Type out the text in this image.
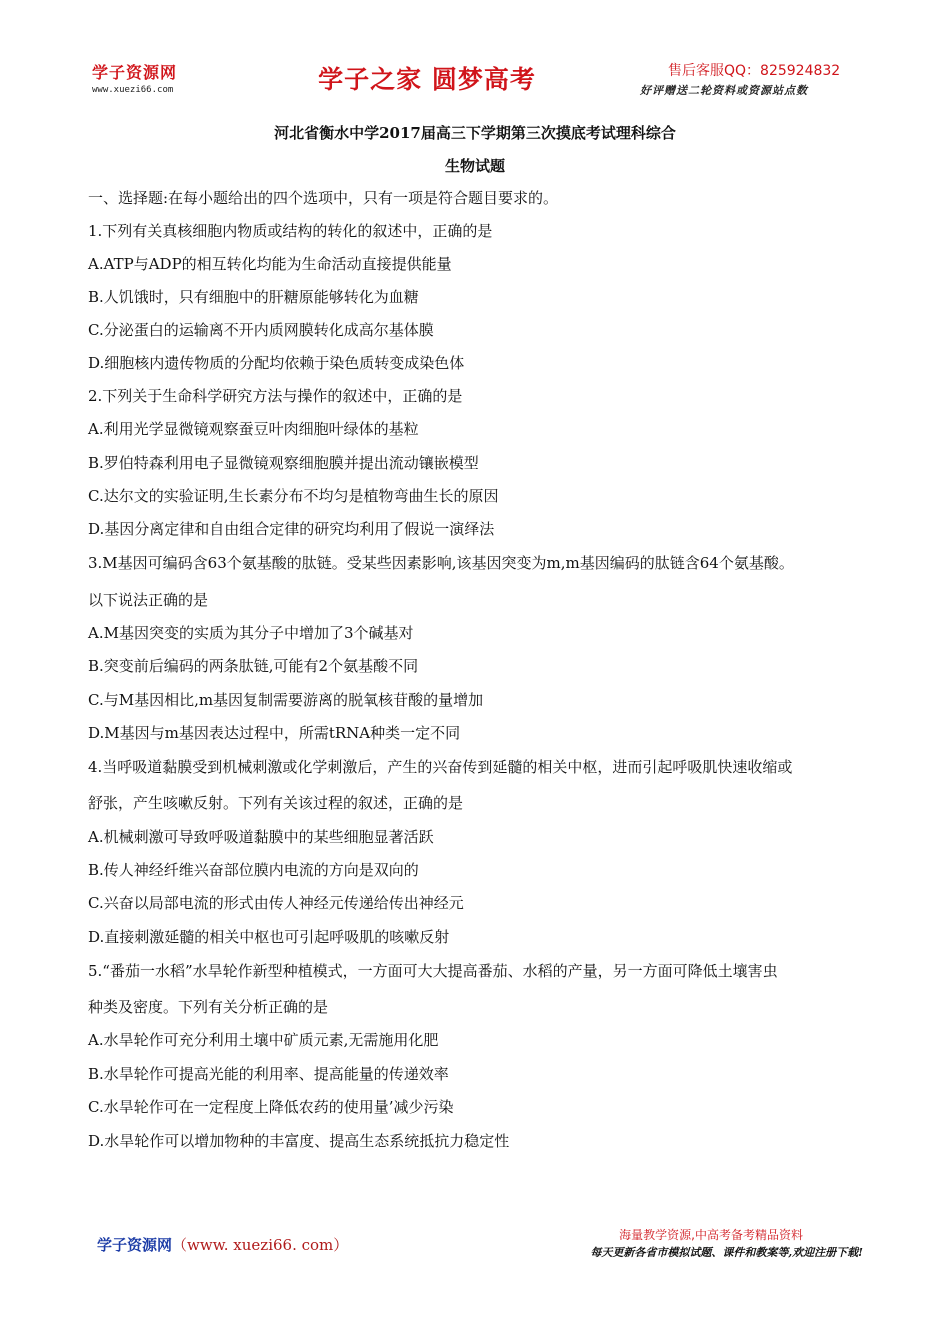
学子资源网
www.xuezi66.com	学子之家 圆梦高考	售后客服QQ：825924832
好评赠送二轮资料或资源站点数
河北省衡水中学2017届高三下学期第三次摸底考试理科综合
生物试题
一、选择题:在每小题给出的四个选项中，只有一项是符合题目要求的。
1.下列有关真核细胞内物质或结构的转化的叙述中，正确的是
A.ATP与ADP的相互转化均能为生命活动直接提供能量
B.人饥饿时，只有细胞中的肝糖原能够转化为血糖
C.分泌蛋白的运输离不开内质网膜转化成高尔基体膜
D.细胞核内遗传物质的分配均依赖于染色质转变成染色体
2.下列关于生命科学研究方法与操作的叙述中，正确的是
A.利用光学显微镜观察蚕豆叶肉细胞叶绿体的基粒
B.罗伯特森利用电子显微镜观察细胞膜并提出流动镶嵌模型
C.达尔文的实验证明,生长素分布不均匀是植物弯曲生长的原因
D.基因分离定律和自由组合定律的研究均利用了假说一演绎法
3.M基因可编码含63个氨基酸的肽链。受某些因素影响,该基因突变为m,m基因编码的肽链含64个氨基酸。
以下说法正确的是
A.M基因突变的实质为其分子中增加了3个碱基对
B.突变前后编码的两条肽链,可能有2个氨基酸不同
C.与M基因相比,m基因复制需要游离的脱氧核苷酸的量增加
D.M基因与m基因表达过程中，所需tRNA种类一定不同
4.当呼吸道黏膜受到机械刺激或化学刺激后，产生的兴奋传到延髓的相关中枢，进而引起呼吸肌快速收缩或
舒张，产生咳嗽反射。下列有关该过程的叙述，正确的是
A.机械刺激可导致呼吸道黏膜中的某些细胞显著活跃
B.传人神经纤维兴奋部位膜内电流的方向是双向的
C.兴奋以局部电流的形式由传人神经元传递给传出神经元
D.直接刺激延髓的相关中枢也可引起呼吸肌的咳嗽反射
5.“番茄一水稻”水旱轮作新型种植模式，一方面可大大提高番茄、水稻的产量，另一方面可降低土壤害虫
种类及密度。下列有关分析正确的是
A.水旱轮作可充分利用土壤中矿质元素,无需施用化肥
B.水旱轮作可提高光能的利用率、提高能量的传递效率
C.水旱轮作可在一定程度上降低农药的使用量’减少污染
D.水旱轮作可以增加物种的丰富度、提高生态系统抵抗力稳定性
学子资源网（www. xuezi66. com）
海量教学资源,中高考备考精品资料
每天更新各省市模拟试题、课件和教案等,欢迎注册下载!
